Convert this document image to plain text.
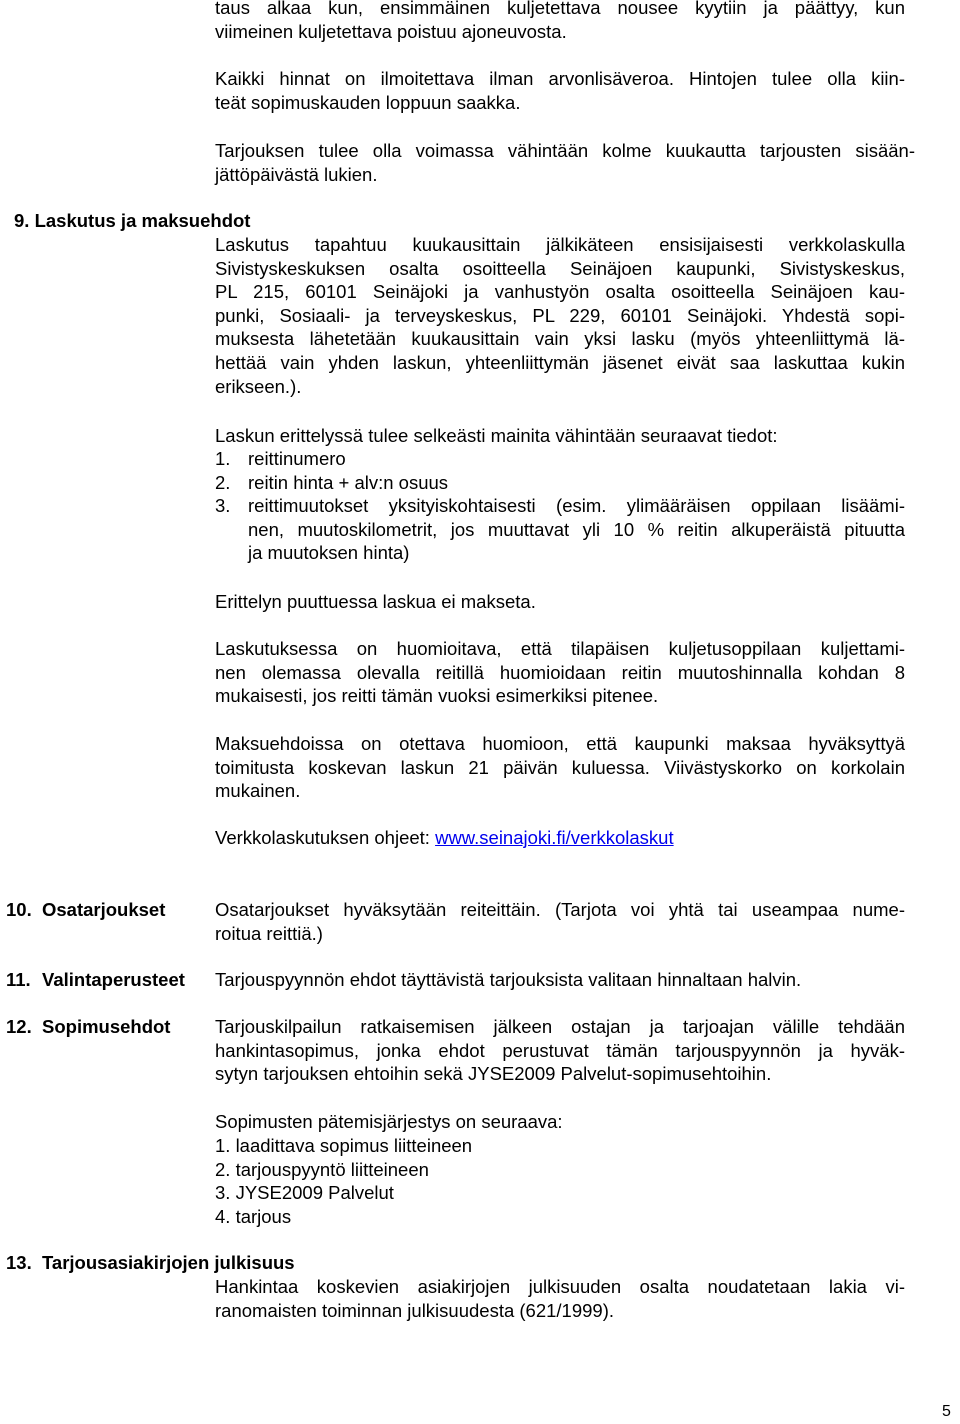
taus alkaa kun, ensimmäinen kuljetettava nousee kyytiin ja päättyy, kun
viimeinen kuljetettava poistuu ajoneuvosta.
Kaikki hinnat on ilmoitettava ilman arvonlisäveroa. Hintojen tulee olla kiin-
teät sopimuskauden loppuun saakka.
Tarjouksen tulee olla voimassa vähintään kolme kuukautta tarjousten sisään-
jättöpäivästä lukien.
9. Laskutus ja maksuehdot
Laskutus tapahtuu kuukausittain jälkikäteen ensisijaisesti verkkolaskulla
Sivistyskeskuksen osalta osoitteella Seinäjoen kaupunki, Sivistyskeskus,
PL 215, 60101 Seinäjoki ja vanhustyön osalta osoitteella Seinäjoen kau-
punki, Sosiaali- ja terveyskeskus, PL 229, 60101 Seinäjoki. Yhdestä sopi-
muksesta lähetetään kuukausittain vain yksi lasku (myös yhteenliittymä lä-
hettää vain yhden laskun, yhteenliittymän jäsenet eivät saa laskuttaa kukin
erikseen.).
Laskun erittelyssä tulee selkeästi mainita vähintään seuraavat tiedot:
1. reittinumero
2. reitin hinta + alv:n osuus
3. reittimuutokset yksityiskohtaisesti (esim. ylimääräisen oppilaan lisäämi-
nen, muutoskilometrit, jos muuttavat yli 10 % reitin alkuperäistä pituutta
ja muutoksen hinta)
Erittelyn puuttuessa laskua ei makseta.
Laskutuksessa on huomioitava, että tilapäisen kuljetusoppilaan kuljettami-
nen olemassa olevalla reitillä huomioidaan reitin muutoshinnalla kohdan 8
mukaisesti, jos reitti tämän vuoksi esimerkiksi pitenee.
Maksuehdoissa on otettava huomioon, että kaupunki maksaa hyväksyttyä
toimitusta koskevan laskun 21 päivän kuluessa. Viivästyskorko on korkolain
mukainen.
Verkkolaskutuksen ohjeet: www.seinajoki.fi/verkkolaskut
10. Osatarjoukset	Osatarjoukset hyväksytään reiteittäin. (Tarjota voi yhtä tai useampaa nume-
roitua reittiä.)
11. Valintaperusteet Tarjouspyynnön ehdot täyttävistä tarjouksista valitaan hinnaltaan halvin.
12. Sopimusehdot Tarjouskilpailun ratkaisemisen jälkeen ostajan ja tarjoajan välille tehdään
hankintasopimus, jonka ehdot perustuvat tämän tarjouspyynnön ja hyväk-
sytyn tarjouksen ehtoihin sekä JYSE2009 Palvelut-sopimusehtoihin.
Sopimusten pätemisjärjestys on seuraava:
1. laadittava sopimus liitteineen
2. tarjouspyyntö liitteineen
3. JYSE2009 Palvelut
4. tarjous
13. Tarjousasiakirjojen julkisuus
Hankintaa koskevien asiakirjojen julkisuuden osalta noudatetaan lakia vi-
ranomaisten toiminnan julkisuudesta (621/1999).
5
